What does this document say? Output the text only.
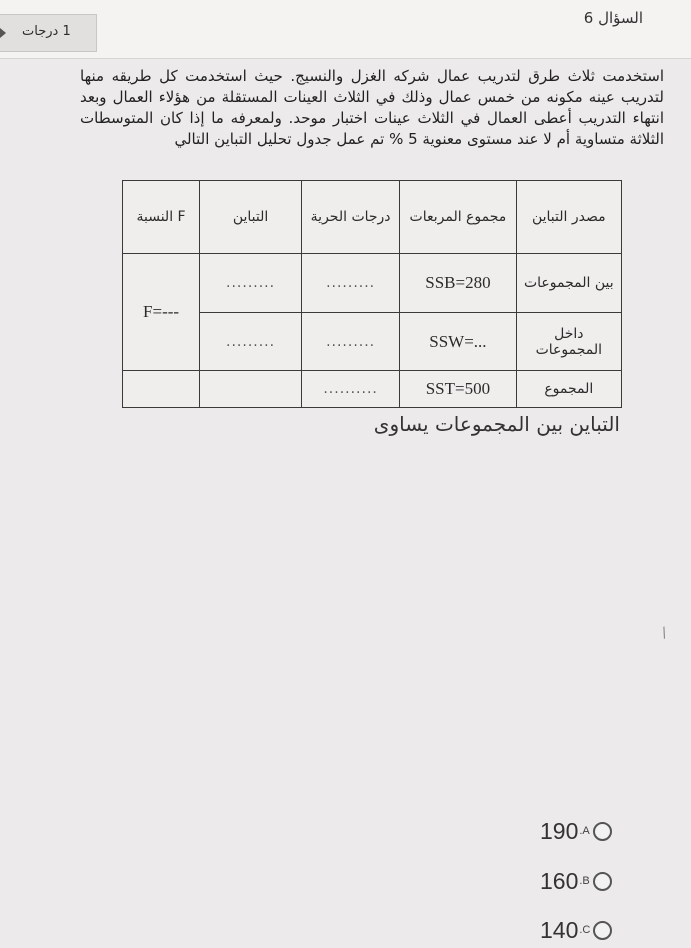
السؤال 6
1 درجات

استخدمت ثلاث طرق لتدريب عمال شركه الغزل والنسيج. حيث استخدمت كل طريقه منها لتدريب عينه مكونه من خمس عمال وذلك في الثلاث العينات المستقلة من هؤلاء العمال وبعد انتهاء التدريب أعطى العمال في الثلاث عينات اختبار موحد. ولمعرفه ما إذا كان المتوسطات الثلاثة متساوية أم لا عند مستوى معنوية 5 % تم عمل جدول تحليل التباين التالي

مصدر التباين	مجموع المربعات	درجات الحرية	التباين	F النسبة
بين المجموعات	SSB=280	.........	.........	F=---
داخل المجموعات	SSW=...	.........	.........	
المجموع	SST=500	..........		
التباين بين المجموعات يساوى
/
190 .A
160 .B
140 .C
